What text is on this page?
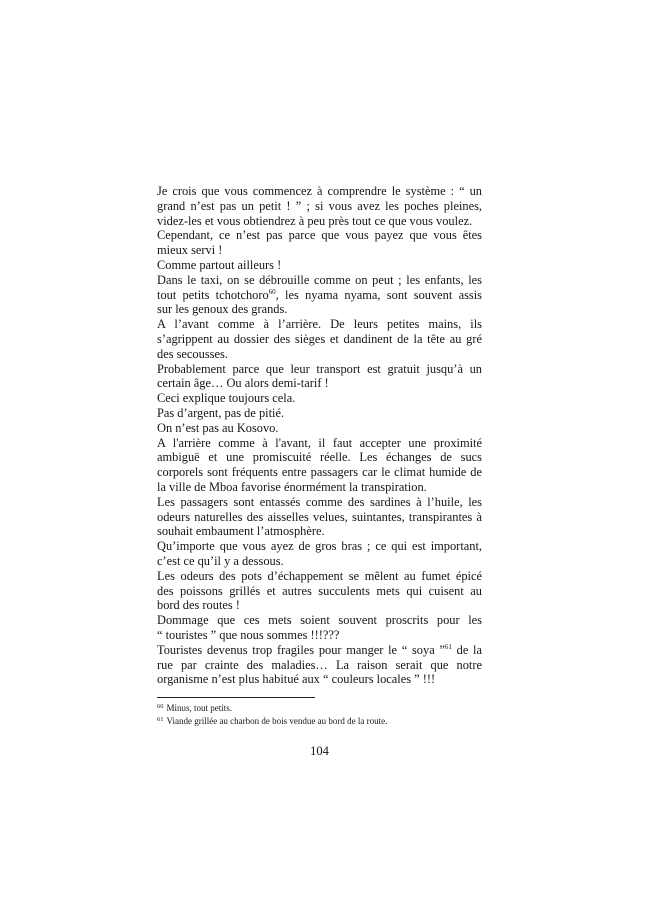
Je crois que vous commencez à comprendre le système : “ un
grand n’est pas un petit ! ” ; si vous avez les poches pleines,
videz-les et vous obtiendrez à peu près tout ce que vous voulez.
Cependant, ce n’est pas parce que vous payez que vous êtes
mieux servi !
Comme partout ailleurs !
Dans le taxi, on se débrouille comme on peut ; les enfants, les
tout petits tchotchoro$^{60}$, les nyama nyama, sont souvent assis
sur les genoux des grands.
A l’avant comme à l’arrière. De leurs petites mains, ils
s’agrippent au dossier des sièges et dandinent de la tête au gré
des secousses.
Probablement parce que leur transport est gratuit jusqu’à un
certain âge… Ou alors demi-tarif !
Ceci explique toujours cela.
Pas d’argent, pas de pitié.
On n’est pas au Kosovo.
A l'arrière comme à l'avant, il faut accepter une proximité
ambiguë et une promiscuité réelle. Les échanges de sucs
corporels sont fréquents entre passagers car le climat humide de
la ville de Mboa favorise énormément la transpiration.
Les passagers sont entassés comme des sardines à l’huile, les
odeurs naturelles des aisselles velues, suintantes, transpirantes à
souhait embaument l’atmosphère.
Qu’importe que vous ayez de gros bras ; ce qui est important,
c’est ce qu’il y a dessous.
Les odeurs des pots d’échappement se mêlent au fumet épicé
des poissons grillés et autres succulents mets qui cuisent au
bord des routes !
Dommage que ces mets soient souvent proscrits pour les
“ touristes ” que nous sommes !!!???
Touristes devenus trop fragiles pour manger le “ soya ”$^{61}$ de la
rue par crainte des maladies… La raison serait que notre
organisme n’est plus habitué aux “ couleurs locales ” !!!
$^{60}$ Minus, tout petits.
$^{61}$ Viande grillée au charbon de bois vendue au bord de la route.
104
